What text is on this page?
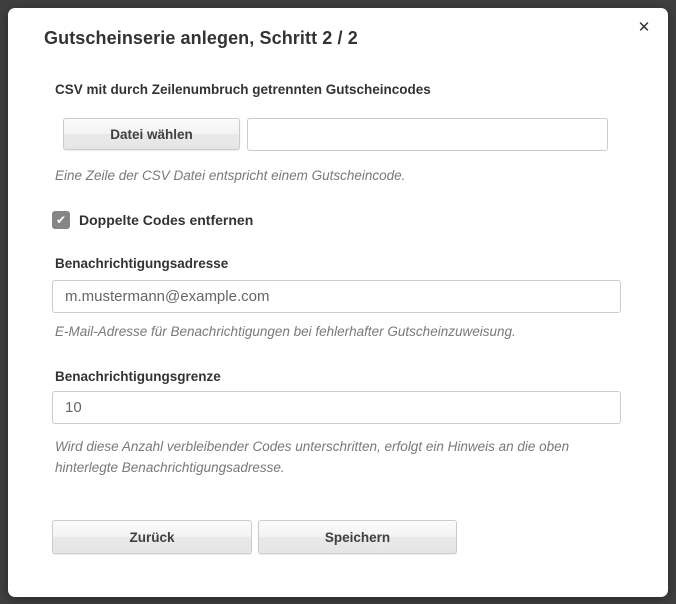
Gutscheinserie anlegen, Schritt 2 / 2
✕
CSV mit durch Zeilenumbruch getrennten Gutscheincodes
Datei wählen
Eine Zeile der CSV Datei entspricht einem Gutscheincode.
✔ Doppelte Codes entfernen
Benachrichtigungsadresse
m.mustermann@example.com
E-Mail-Adresse für Benachrichtigungen bei fehlerhafter Gutscheinzuweisung.
Benachrichtigungsgrenze
10
Wird diese Anzahl verbleibender Codes unterschritten, erfolgt ein Hinweis an die oben hinterlegte Benachrichtigungsadresse.
Zurück	Speichern
